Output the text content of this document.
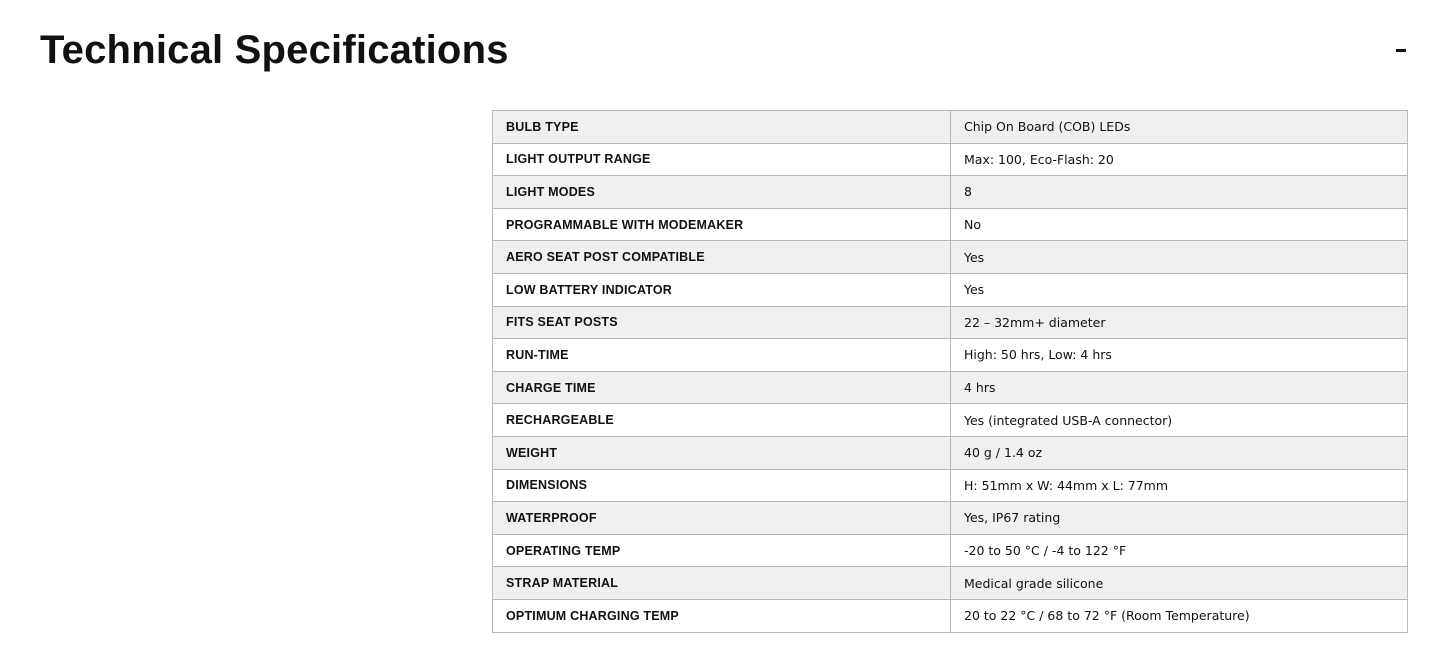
Technical Specifications
BULB TYPE	Chip On Board (COB) LEDs
LIGHT OUTPUT RANGE	Max: 100, Eco-Flash: 20
LIGHT MODES	8
PROGRAMMABLE WITH MODEMAKER	No
AERO SEAT POST COMPATIBLE	Yes
LOW BATTERY INDICATOR	Yes
FITS SEAT POSTS	22 – 32mm+ diameter
RUN-TIME	High: 50 hrs, Low: 4 hrs
CHARGE TIME	4 hrs
RECHARGEABLE	Yes (integrated USB-A connector)
WEIGHT	40 g / 1.4 oz
DIMENSIONS	H: 51mm x W: 44mm x L: 77mm
WATERPROOF	Yes, IP67 rating
OPERATING TEMP	-20 to 50 °C / -4 to 122 °F
STRAP MATERIAL	Medical grade silicone
OPTIMUM CHARGING TEMP	20 to 22 °C / 68 to 72 °F (Room Temperature)
